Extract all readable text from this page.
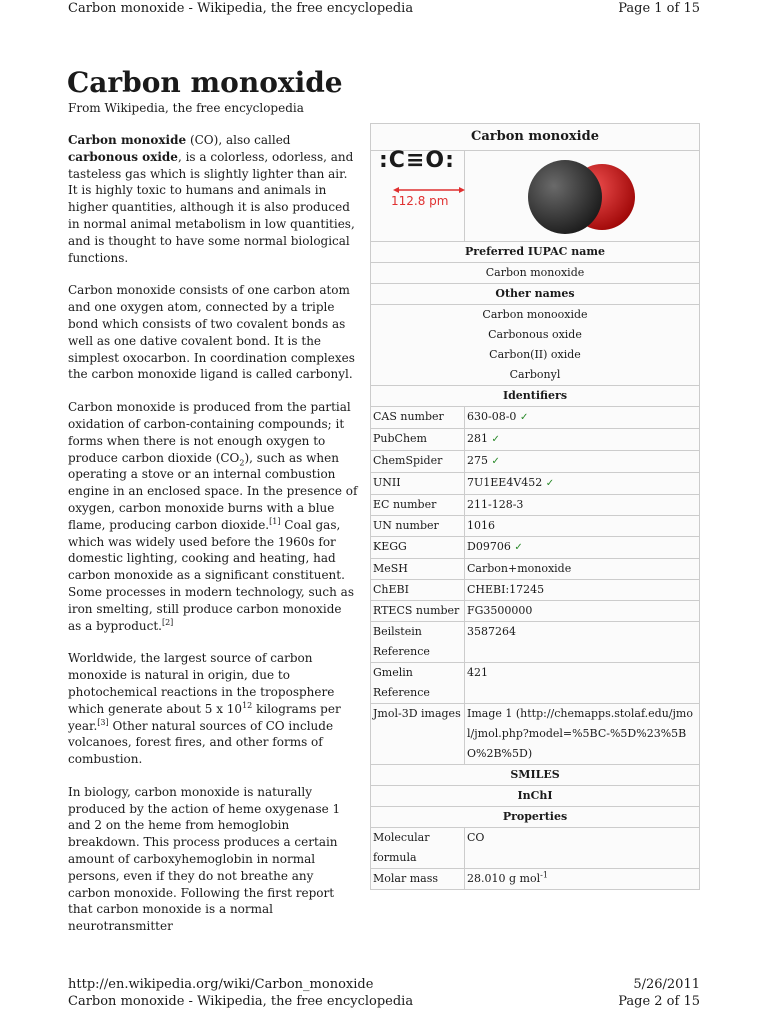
Carbon monoxide - Wikipedia, the free encyclopedia	Page 1 of 15
Carbon monoxide
From Wikipedia, the free encyclopedia

Carbon monoxide (CO), also called carbonous oxide, is a colorless, odorless, and tasteless gas which is slightly lighter than air. It is highly toxic to humans and animals in higher quantities, although it is also produced in normal animal metabolism in low quantities, and is thought to have some normal biological functions.

Carbon monoxide consists of one carbon atom and one oxygen atom, connected by a triple bond which consists of two covalent bonds as well as one dative covalent bond. It is the simplest oxocarbon. In coordination complexes the carbon monoxide ligand is called carbonyl.

Carbon monoxide is produced from the partial oxidation of carbon-containing compounds; it forms when there is not enough oxygen to produce carbon dioxide $(CO_2)$, such as when operating a stove or an internal combustion engine in an enclosed space. In the presence of oxygen, carbon monoxide burns with a blue flame, producing carbon dioxide.[1] Coal gas, which was widely used before the 1960s for domestic lighting, cooking and heating, had carbon monoxide as a significant constituent. Some processes in modern technology, such as iron smelting, still produce carbon monoxide as a byproduct.[2]

Worldwide, the largest source of carbon monoxide is natural in origin, due to photochemical reactions in the troposphere which generate about 5 x $10^{12}$ kilograms per year.[3] Other natural sources of CO include volcanoes, forest fires, and other forms of combustion.

In biology, carbon monoxide is naturally produced by the action of heme oxygenase 1 and 2 on the heme from hemoglobin breakdown. This process produces a certain amount of carboxyhemoglobin in normal persons, even if they do not breathe any carbon monoxide. Following the first report that carbon monoxide is a normal neurotransmitter

Carbon monoxide	

:C≡O:
112.8 pm

Preferred IUPAC name	
Carbon monoxide	
Other names	

Carbon monooxide
Carbonous oxide
Carbon(II) oxide
Carbonyl	

Identifiers	
CAS number	630-08-0 ✓
PubChem	281 ✓
ChemSpider	275 ✓
UNII	7U1EE4V452 ✓
EC number	211-128-3
UN number	1016
KEGG	D09706 ✓
MeSH	Carbon+monoxide
ChEBI	CHEBI:17245
RTECS number	FG3500000
Beilstein Reference	3587264
Gmelin Reference	421
Jmol-3D images	Image 1 (http://chemapps.stolaf.edu/jmol/jmol.php?model=%5BC-%5D%23%5BO%2B%5D)
SMILES	
InChI	
Properties	
Molecular formula	CO
Molar mass	28.010 g mol$^{-1}$
http://en.wikipedia.org/wiki/Carbon_monoxide	5/26/2011
Carbon monoxide - Wikipedia, the free encyclopedia	Page 2 of 15
